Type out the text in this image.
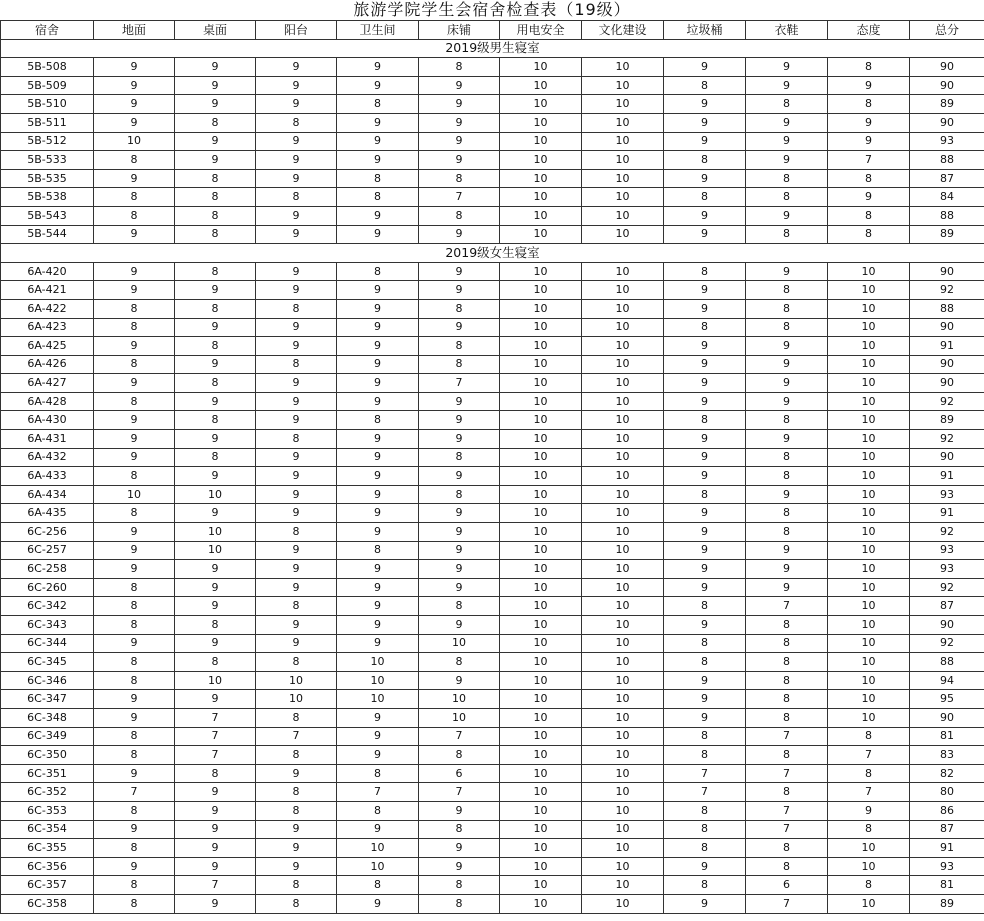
旅游学院学生会宿舍检查表（19级）
宿舍	地面	桌面	阳台	卫生间	床铺	用电安全	文化建设	垃圾桶	衣鞋	态度	总分
2019级男生寝室											
5B-508	9	9	9	9	8	10	10	9	9	8	90
5B-509	9	9	9	9	9	10	10	8	9	9	90
5B-510	9	9	9	8	9	10	10	9	8	8	89
5B-511	9	8	8	9	9	10	10	9	9	9	90
5B-512	10	9	9	9	9	10	10	9	9	9	93
5B-533	8	9	9	9	9	10	10	8	9	7	88
5B-535	9	8	9	8	8	10	10	9	8	8	87
5B-538	8	8	8	8	7	10	10	8	8	9	84
5B-543	8	8	9	9	8	10	10	9	9	8	88
5B-544	9	8	9	9	9	10	10	9	8	8	89
2019级女生寝室											
6A-420	9	8	9	8	9	10	10	8	9	10	90
6A-421	9	9	9	9	9	10	10	9	8	10	92
6A-422	8	8	8	9	8	10	10	9	8	10	88
6A-423	8	9	9	9	9	10	10	8	8	10	90
6A-425	9	8	9	9	8	10	10	9	9	10	91
6A-426	8	9	8	9	8	10	10	9	9	10	90
6A-427	9	8	9	9	7	10	10	9	9	10	90
6A-428	8	9	9	9	9	10	10	9	9	10	92
6A-430	9	8	9	8	9	10	10	8	8	10	89
6A-431	9	9	8	9	9	10	10	9	9	10	92
6A-432	9	8	9	9	8	10	10	9	8	10	90
6A-433	8	9	9	9	9	10	10	9	8	10	91
6A-434	10	10	9	9	8	10	10	8	9	10	93
6A-435	8	9	9	9	9	10	10	9	8	10	91
6C-256	9	10	8	9	9	10	10	9	8	10	92
6C-257	9	10	9	8	9	10	10	9	9	10	93
6C-258	9	9	9	9	9	10	10	9	9	10	93
6C-260	8	9	9	9	9	10	10	9	9	10	92
6C-342	8	9	8	9	8	10	10	8	7	10	87
6C-343	8	8	9	9	9	10	10	9	8	10	90
6C-344	9	9	9	9	10	10	10	8	8	10	92
6C-345	8	8	8	10	8	10	10	8	8	10	88
6C-346	8	10	10	10	9	10	10	9	8	10	94
6C-347	9	9	10	10	10	10	10	9	8	10	95
6C-348	9	7	8	9	10	10	10	9	8	10	90
6C-349	8	7	7	9	7	10	10	8	7	8	81
6C-350	8	7	8	9	8	10	10	8	8	7	83
6C-351	9	8	9	8	6	10	10	7	7	8	82
6C-352	7	9	8	7	7	10	10	7	8	7	80
6C-353	8	9	8	8	9	10	10	8	7	9	86
6C-354	9	9	9	9	8	10	10	8	7	8	87
6C-355	8	9	9	10	9	10	10	8	8	10	91
6C-356	9	9	9	10	9	10	10	9	8	10	93
6C-357	8	7	8	8	8	10	10	8	6	8	81
6C-358	8	9	8	9	8	10	10	9	7	10	89
